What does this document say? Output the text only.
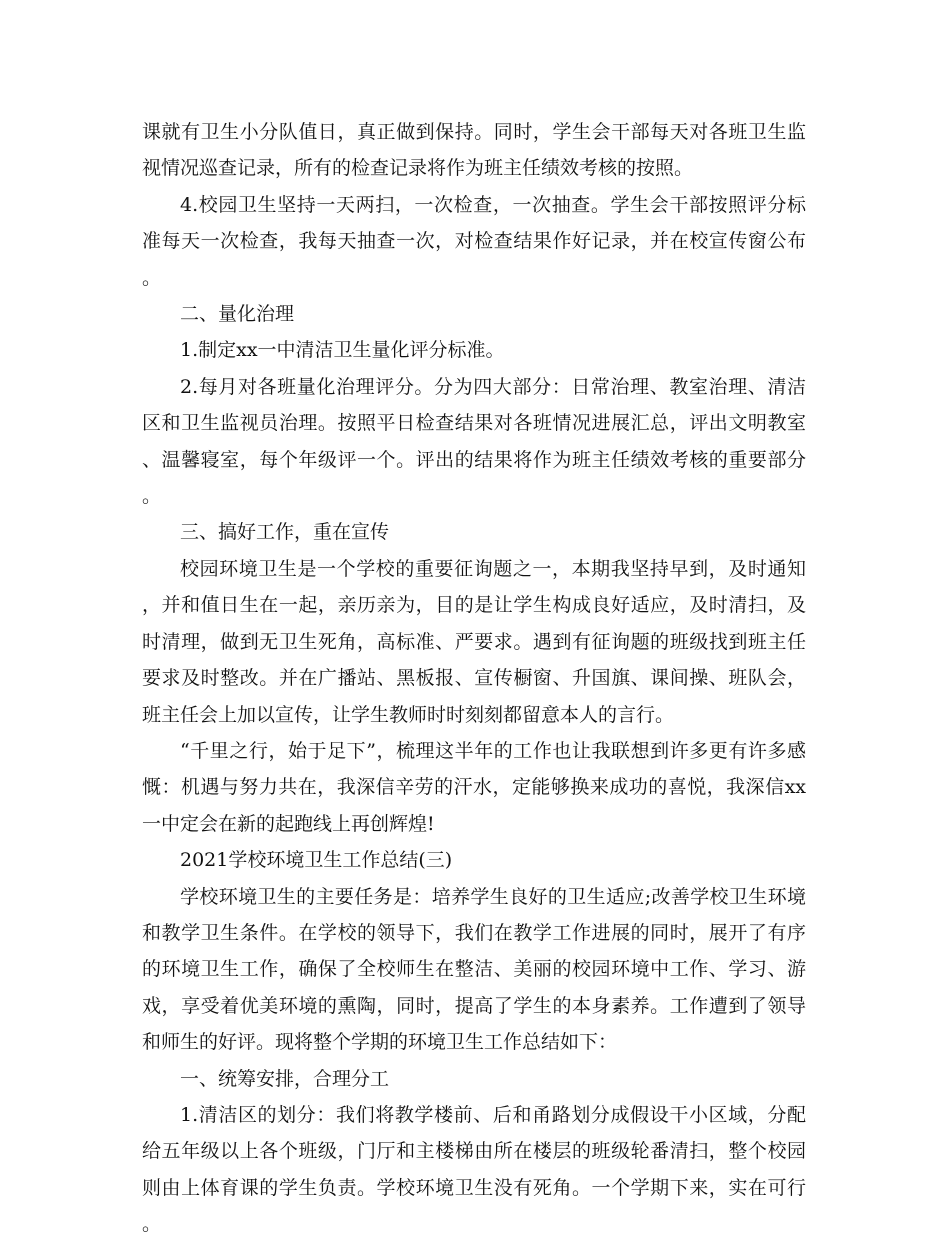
课就有卫生小分队值日，真正做到保持。同时，学生会干部每天对各班卫生监视情况巡查记录，所有的检查记录将作为班主任绩效考核的按照。

4.校园卫生坚持一天两扫，一次检查，一次抽查。学生会干部按照评分标准每天一次检查，我每天抽查一次，对检查结果作好记录，并在校宣传窗公布。

二、量化治理

1.制定xx一中清洁卫生量化评分标准。

2.每月对各班量化治理评分。分为四大部分：日常治理、教室治理、清洁区和卫生监视员治理。按照平日检查结果对各班情况进展汇总，评出文明教室、温馨寝室，每个年级评一个。评出的结果将作为班主任绩效考核的重要部分。

三、搞好工作，重在宣传

校园环境卫生是一个学校的重要征询题之一，本期我坚持早到，及时通知，并和值日生在一起，亲历亲为，目的是让学生构成良好适应，及时清扫，及时清理，做到无卫生死角，高标准、严要求。遇到有征询题的班级找到班主任要求及时整改。并在广播站、黑板报、宣传橱窗、升国旗、课间操、班队会，班主任会上加以宣传，让学生教师时时刻刻都留意本人的言行。

“千里之行，始于足下”，梳理这半年的工作也让我联想到许多更有许多感慨：机遇与努力共在，我深信辛劳的汗水，定能够换来成功的喜悦，我深信xx一中定会在新的起跑线上再创辉煌!

2021学校环境卫生工作总结(三)

学校环境卫生的主要任务是：培养学生良好的卫生适应;改善学校卫生环境和教学卫生条件。在学校的领导下，我们在教学工作进展的同时，展开了有序的环境卫生工作，确保了全校师生在整洁、美丽的校园环境中工作、学习、游戏，享受着优美环境的熏陶，同时，提高了学生的本身素养。工作遭到了领导和师生的好评。现将整个学期的环境卫生工作总结如下：

一、统筹安排，合理分工

1.清洁区的划分：我们将教学楼前、后和甬路划分成假设干小区域，分配给五年级以上各个班级，门厅和主楼梯由所在楼层的班级轮番清扫，整个校园则由上体育课的学生负责。学校环境卫生没有死角。一个学期下来，实在可行。
